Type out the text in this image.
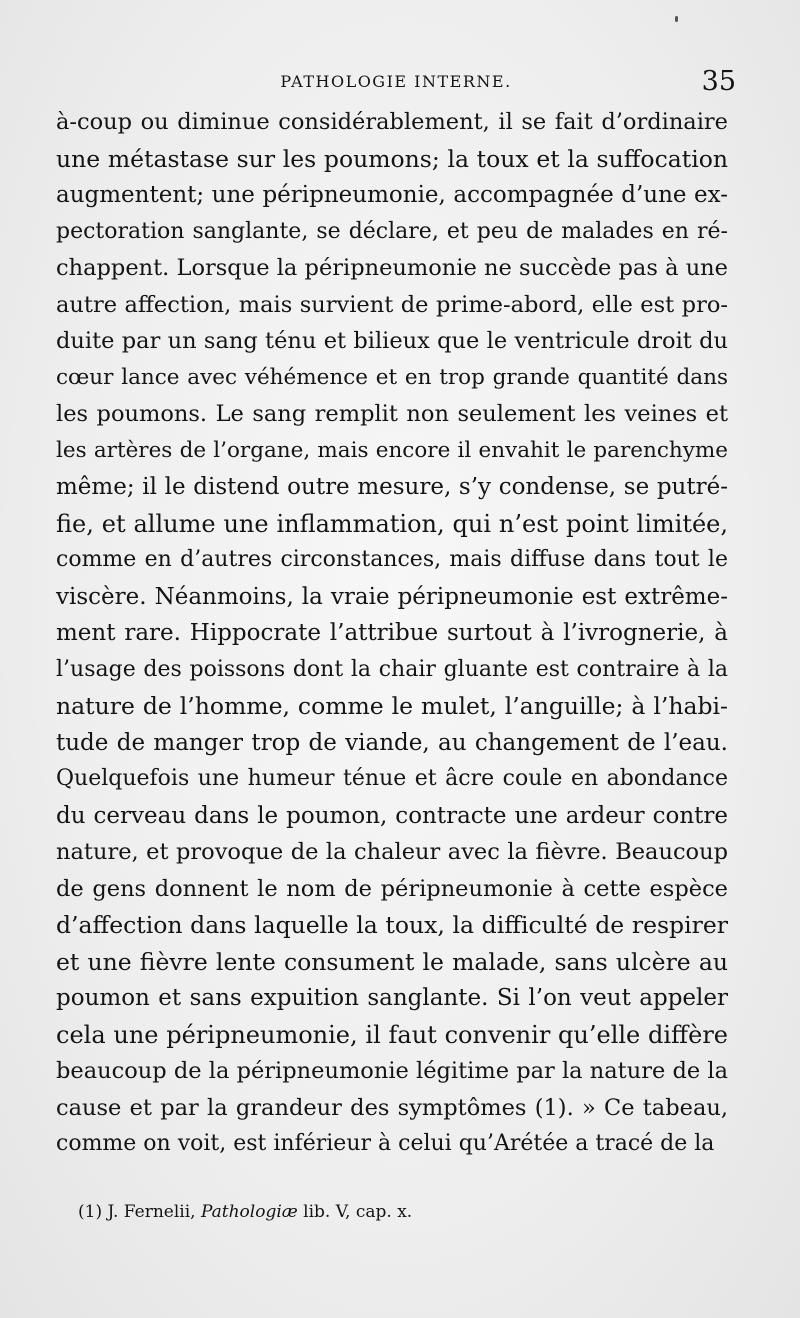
PATHOLOGIE INTERNE.	35
à-coup ou diminue considérablement, il se fait d’ordinaire
une métastase sur les poumons; la toux et la suffocation
augmentent; une péripneumonie, accompagnée d’une ex-
pectoration sanglante, se déclare, et peu de malades en ré-
chappent. Lorsque la péripneumonie ne succède pas à une
autre affection, mais survient de prime-abord, elle est pro-
duite par un sang ténu et bilieux que le ventricule droit du
cœur lance avec véhémence et en trop grande quantité dans
les poumons. Le sang remplit non seulement les veines et
les artères de l’organe, mais encore il envahit le parenchyme
même; il le distend outre mesure, s’y condense, se putré-
fie, et allume une inflammation, qui n’est point limitée,
comme en d’autres circonstances, mais diffuse dans tout le
viscère. Néanmoins, la vraie péripneumonie est extrême-
ment rare. Hippocrate l’attribue surtout à l’ivrognerie, à
l’usage des poissons dont la chair gluante est contraire à la
nature de l’homme, comme le mulet, l’anguille; à l’habi-
tude de manger trop de viande, au changement de l’eau.
Quelquefois une humeur ténue et âcre coule en abondance
du cerveau dans le poumon, contracte une ardeur contre
nature, et provoque de la chaleur avec la fièvre. Beaucoup
de gens donnent le nom de péripneumonie à cette espèce
d’affection dans laquelle la toux, la difficulté de respirer
et une fièvre lente consument le malade, sans ulcère au
poumon et sans expuition sanglante. Si l’on veut appeler
cela une péripneumonie, il faut convenir qu’elle diffère
beaucoup de la péripneumonie légitime par la nature de la
cause et par la grandeur des symptômes (1). » Ce tabeau,
comme on voit, est inférieur à celui qu’Arétée a tracé de la
(1) J. Fernelii, Pathologiæ lib. V, cap. x.
